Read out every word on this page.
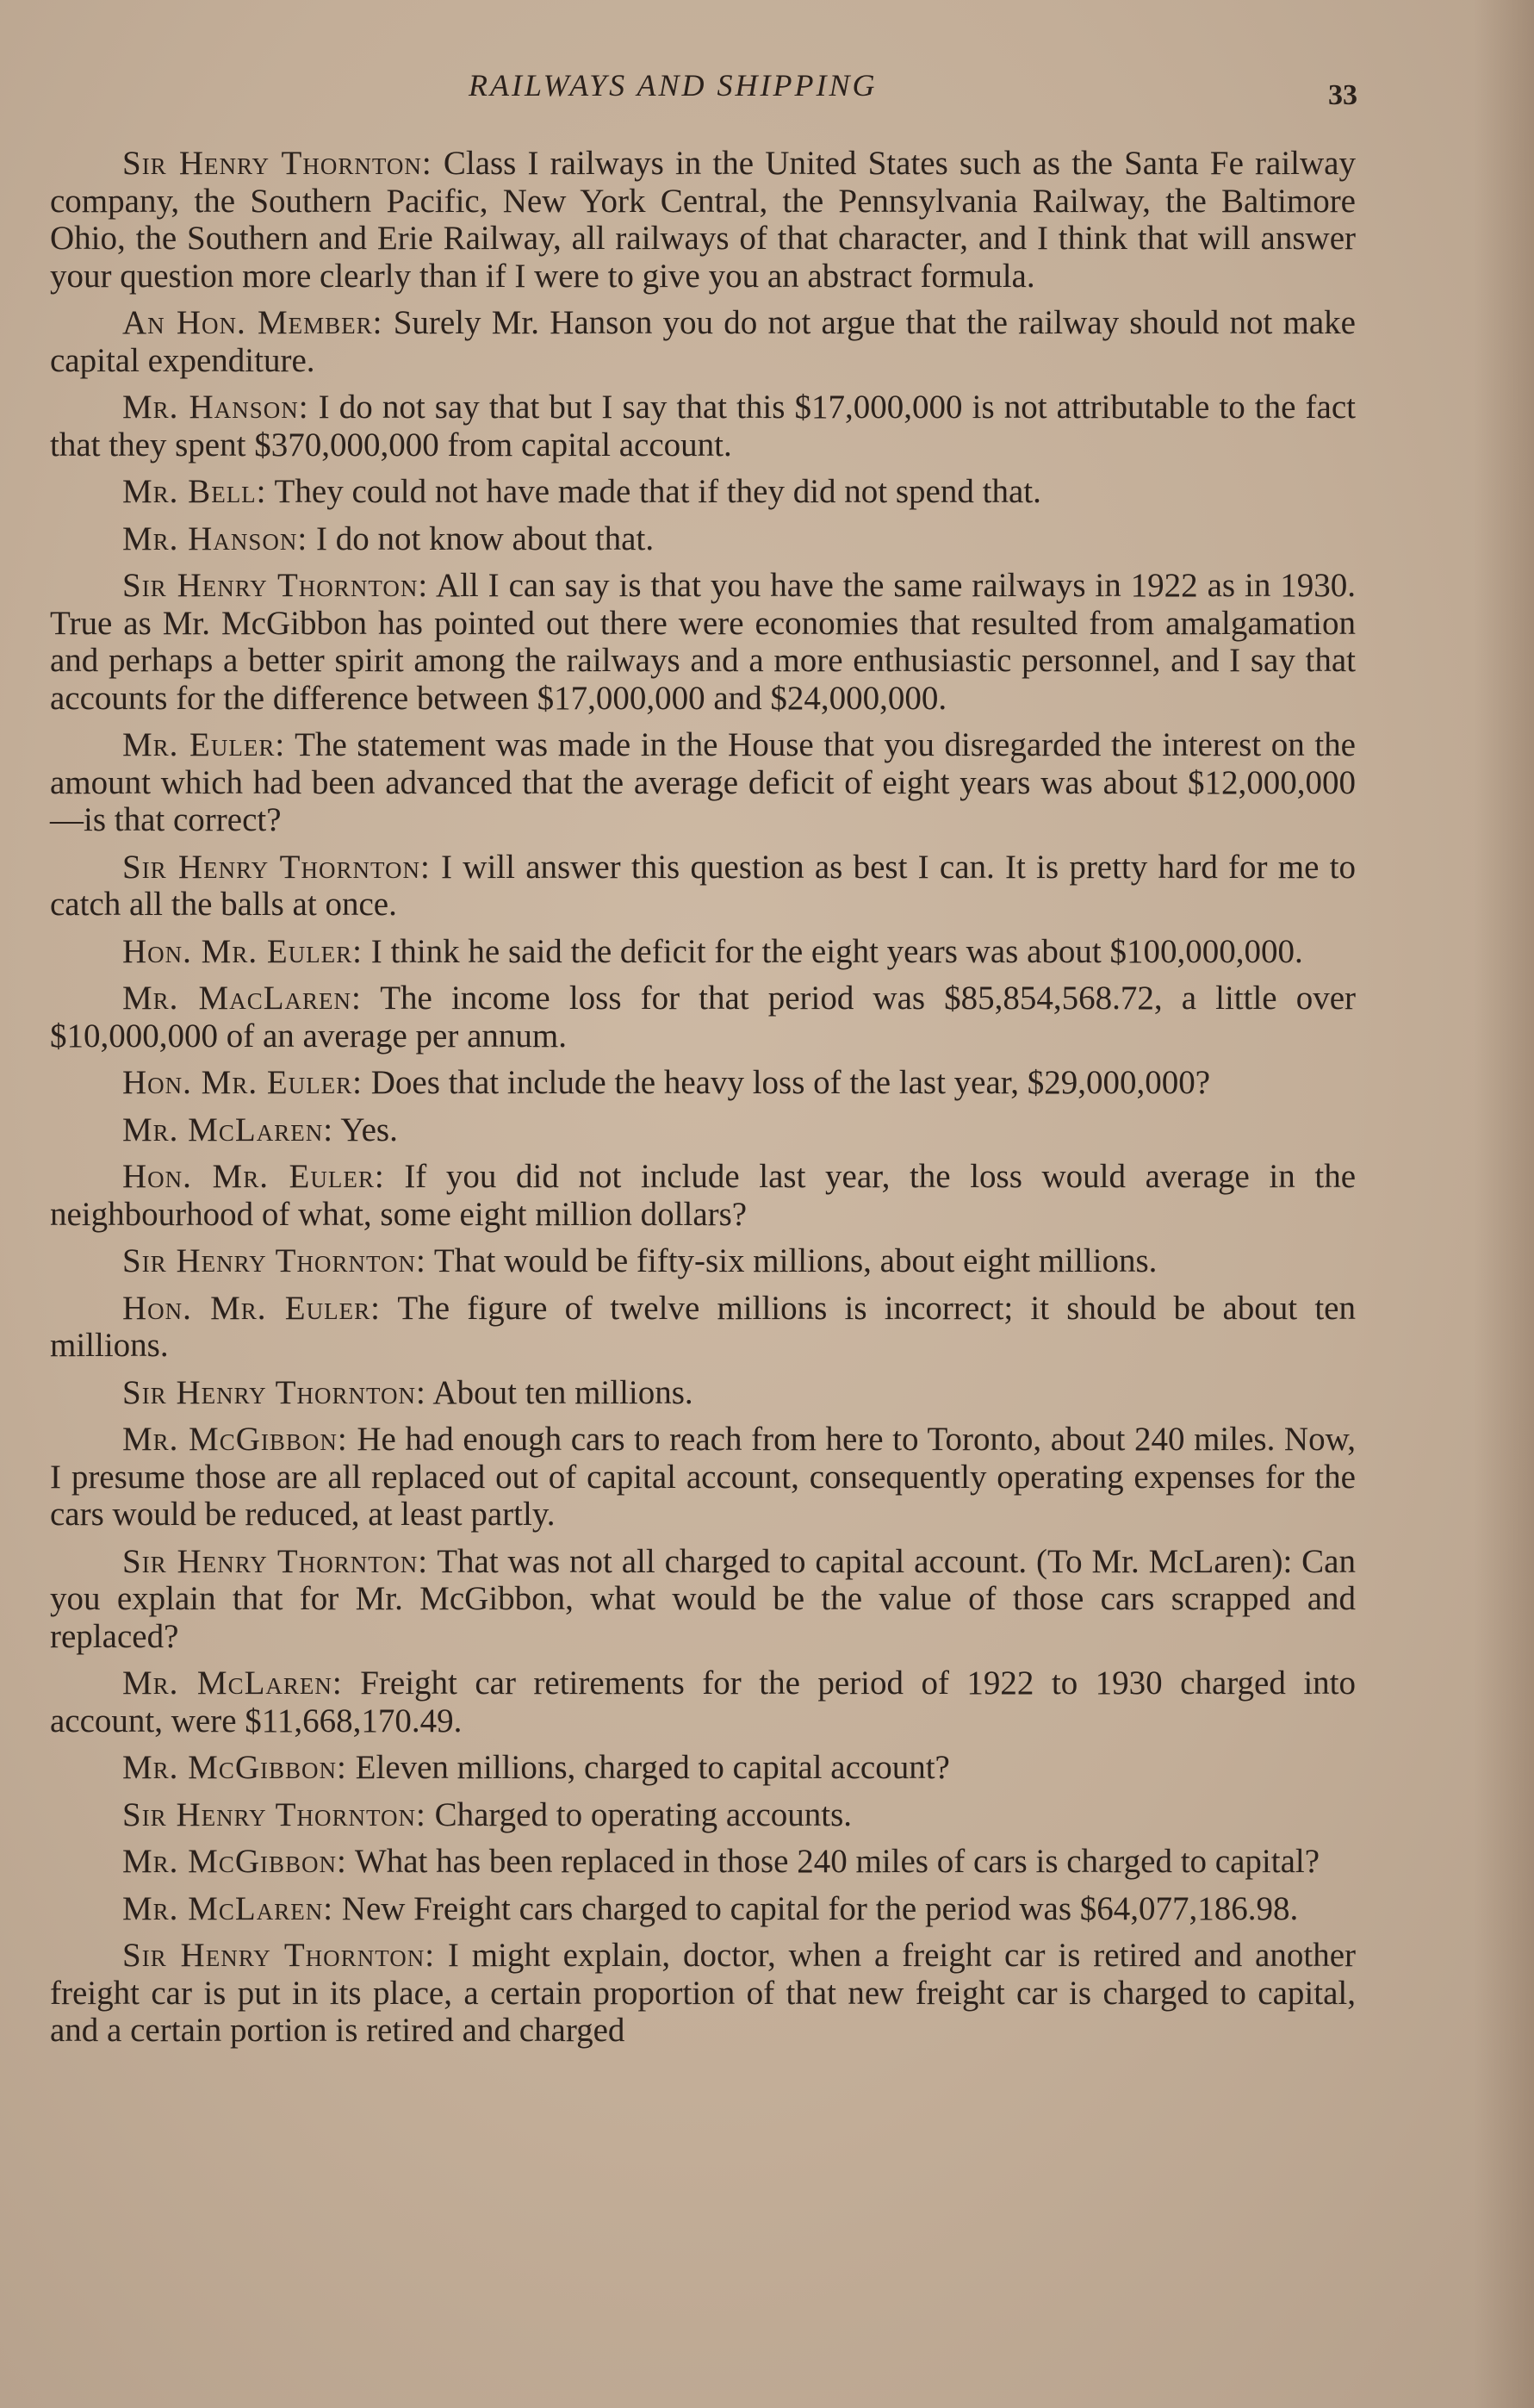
RAILWAYS AND SHIPPING	33

Sir Henry Thornton: Class I railways in the United States such as the Santa Fe railway company, the Southern Pacific, New York Central, the Pennsylvania Railway, the Baltimore Ohio, the Southern and Erie Railway, all railways of that character, and I think that will answer your question more clearly than if I were to give you an abstract formula.

An Hon. Member: Surely Mr. Hanson you do not argue that the railway should not make capital expenditure.

Mr. Hanson: I do not say that but I say that this $17,000,000 is not attributable to the fact that they spent $370,000,000 from capital account.

Mr. Bell: They could not have made that if they did not spend that.

Mr. Hanson: I do not know about that.

Sir Henry Thornton: All I can say is that you have the same railways in 1922 as in 1930. True as Mr. McGibbon has pointed out there were economies that resulted from amalgamation and perhaps a better spirit among the railways and a more enthusiastic personnel, and I say that accounts for the difference between $17,000,000 and $24,000,000.

Mr. Euler: The statement was made in the House that you disregarded the interest on the amount which had been advanced that the average deficit of eight years was about $12,000,000—is that correct?

Sir Henry Thornton: I will answer this question as best I can. It is pretty hard for me to catch all the balls at once.

Hon. Mr. Euler: I think he said the deficit for the eight years was about $100,000,000.

Mr. MacLaren: The income loss for that period was $85,854,568.72, a little over $10,000,000 of an average per annum.

Hon. Mr. Euler: Does that include the heavy loss of the last year, $29,000,000?

Mr. McLaren: Yes.

Hon. Mr. Euler: If you did not include last year, the loss would average in the neighbourhood of what, some eight million dollars?

Sir Henry Thornton: That would be fifty-six millions, about eight millions.

Hon. Mr. Euler: The figure of twelve millions is incorrect; it should be about ten millions.

Sir Henry Thornton: About ten millions.

Mr. McGibbon: He had enough cars to reach from here to Toronto, about 240 miles. Now, I presume those are all replaced out of capital account, consequently operating expenses for the cars would be reduced, at least partly.

Sir Henry Thornton: That was not all charged to capital account. (To Mr. McLaren): Can you explain that for Mr. McGibbon, what would be the value of those cars scrapped and replaced?

Mr. McLaren: Freight car retirements for the period of 1922 to 1930 charged into account, were $11,668,170.49.

Mr. McGibbon: Eleven millions, charged to capital account?

Sir Henry Thornton: Charged to operating accounts.

Mr. McGibbon: What has been replaced in those 240 miles of cars is charged to capital?

Mr. McLaren: New Freight cars charged to capital for the period was $64,077,186.98.

Sir Henry Thornton: I might explain, doctor, when a freight car is retired and another freight car is put in its place, a certain proportion of that new freight car is charged to capital, and a certain portion is retired and charged
